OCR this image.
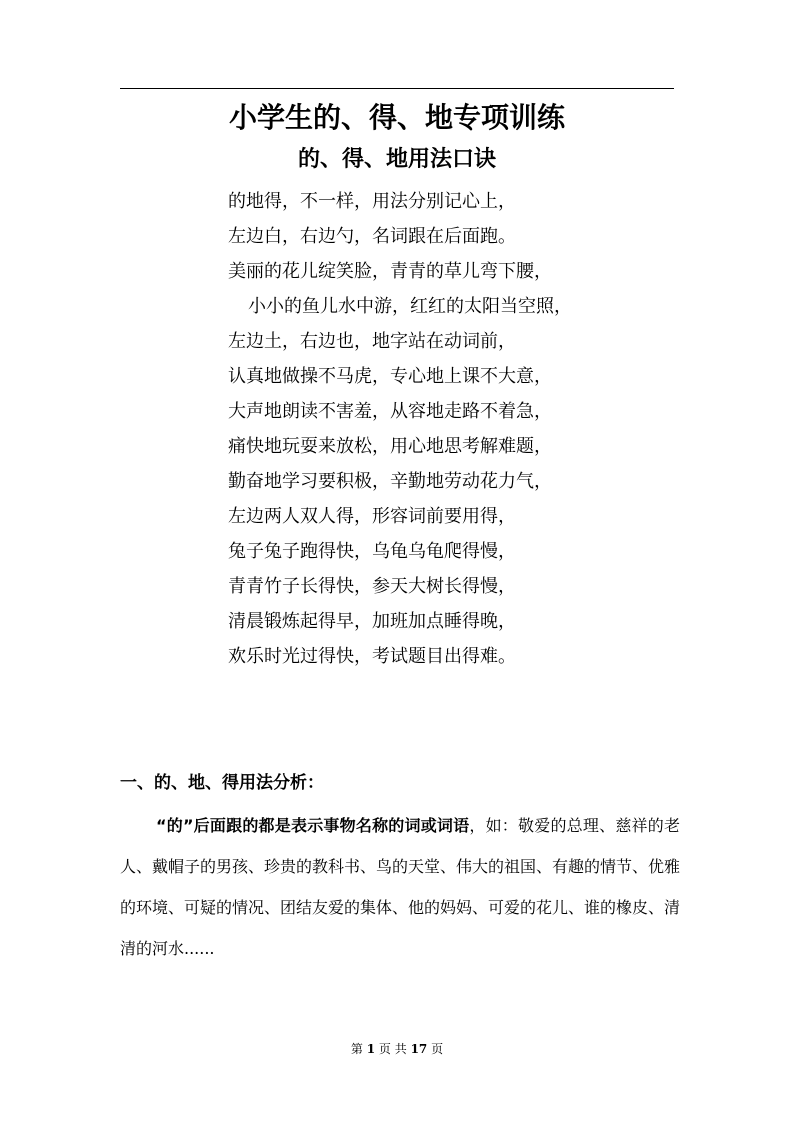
小学生的、得、地专项训练
的、得、地用法口诀
的地得，不一样，用法分别记心上，
左边白，右边勺，名词跟在后面跑。
美丽的花儿绽笑脸，青青的草儿弯下腰，
小小的鱼儿水中游，红红的太阳当空照，
左边土，右边也，地字站在动词前，
认真地做操不马虎，专心地上课不大意，
大声地朗读不害羞，从容地走路不着急，
痛快地玩耍来放松，用心地思考解难题，
勤奋地学习要积极，辛勤地劳动花力气，
左边两人双人得，形容词前要用得，
兔子兔子跑得快，乌龟乌龟爬得慢，
青青竹子长得快，参天大树长得慢，
清晨锻炼起得早，加班加点睡得晚，
欢乐时光过得快，考试题目出得难。
一、的、地、得用法分析：

“的”后面跟的都是表示事物名称的词或词语，如：敬爱的总理、慈祥的老人、戴帽子的男孩、珍贵的教科书、鸟的天堂、伟大的祖国、有趣的情节、优雅的环境、可疑的情况、团结友爱的集体、他的妈妈、可爱的花儿、谁的橡皮、清清的河水......

第 1 页 共 17 页
